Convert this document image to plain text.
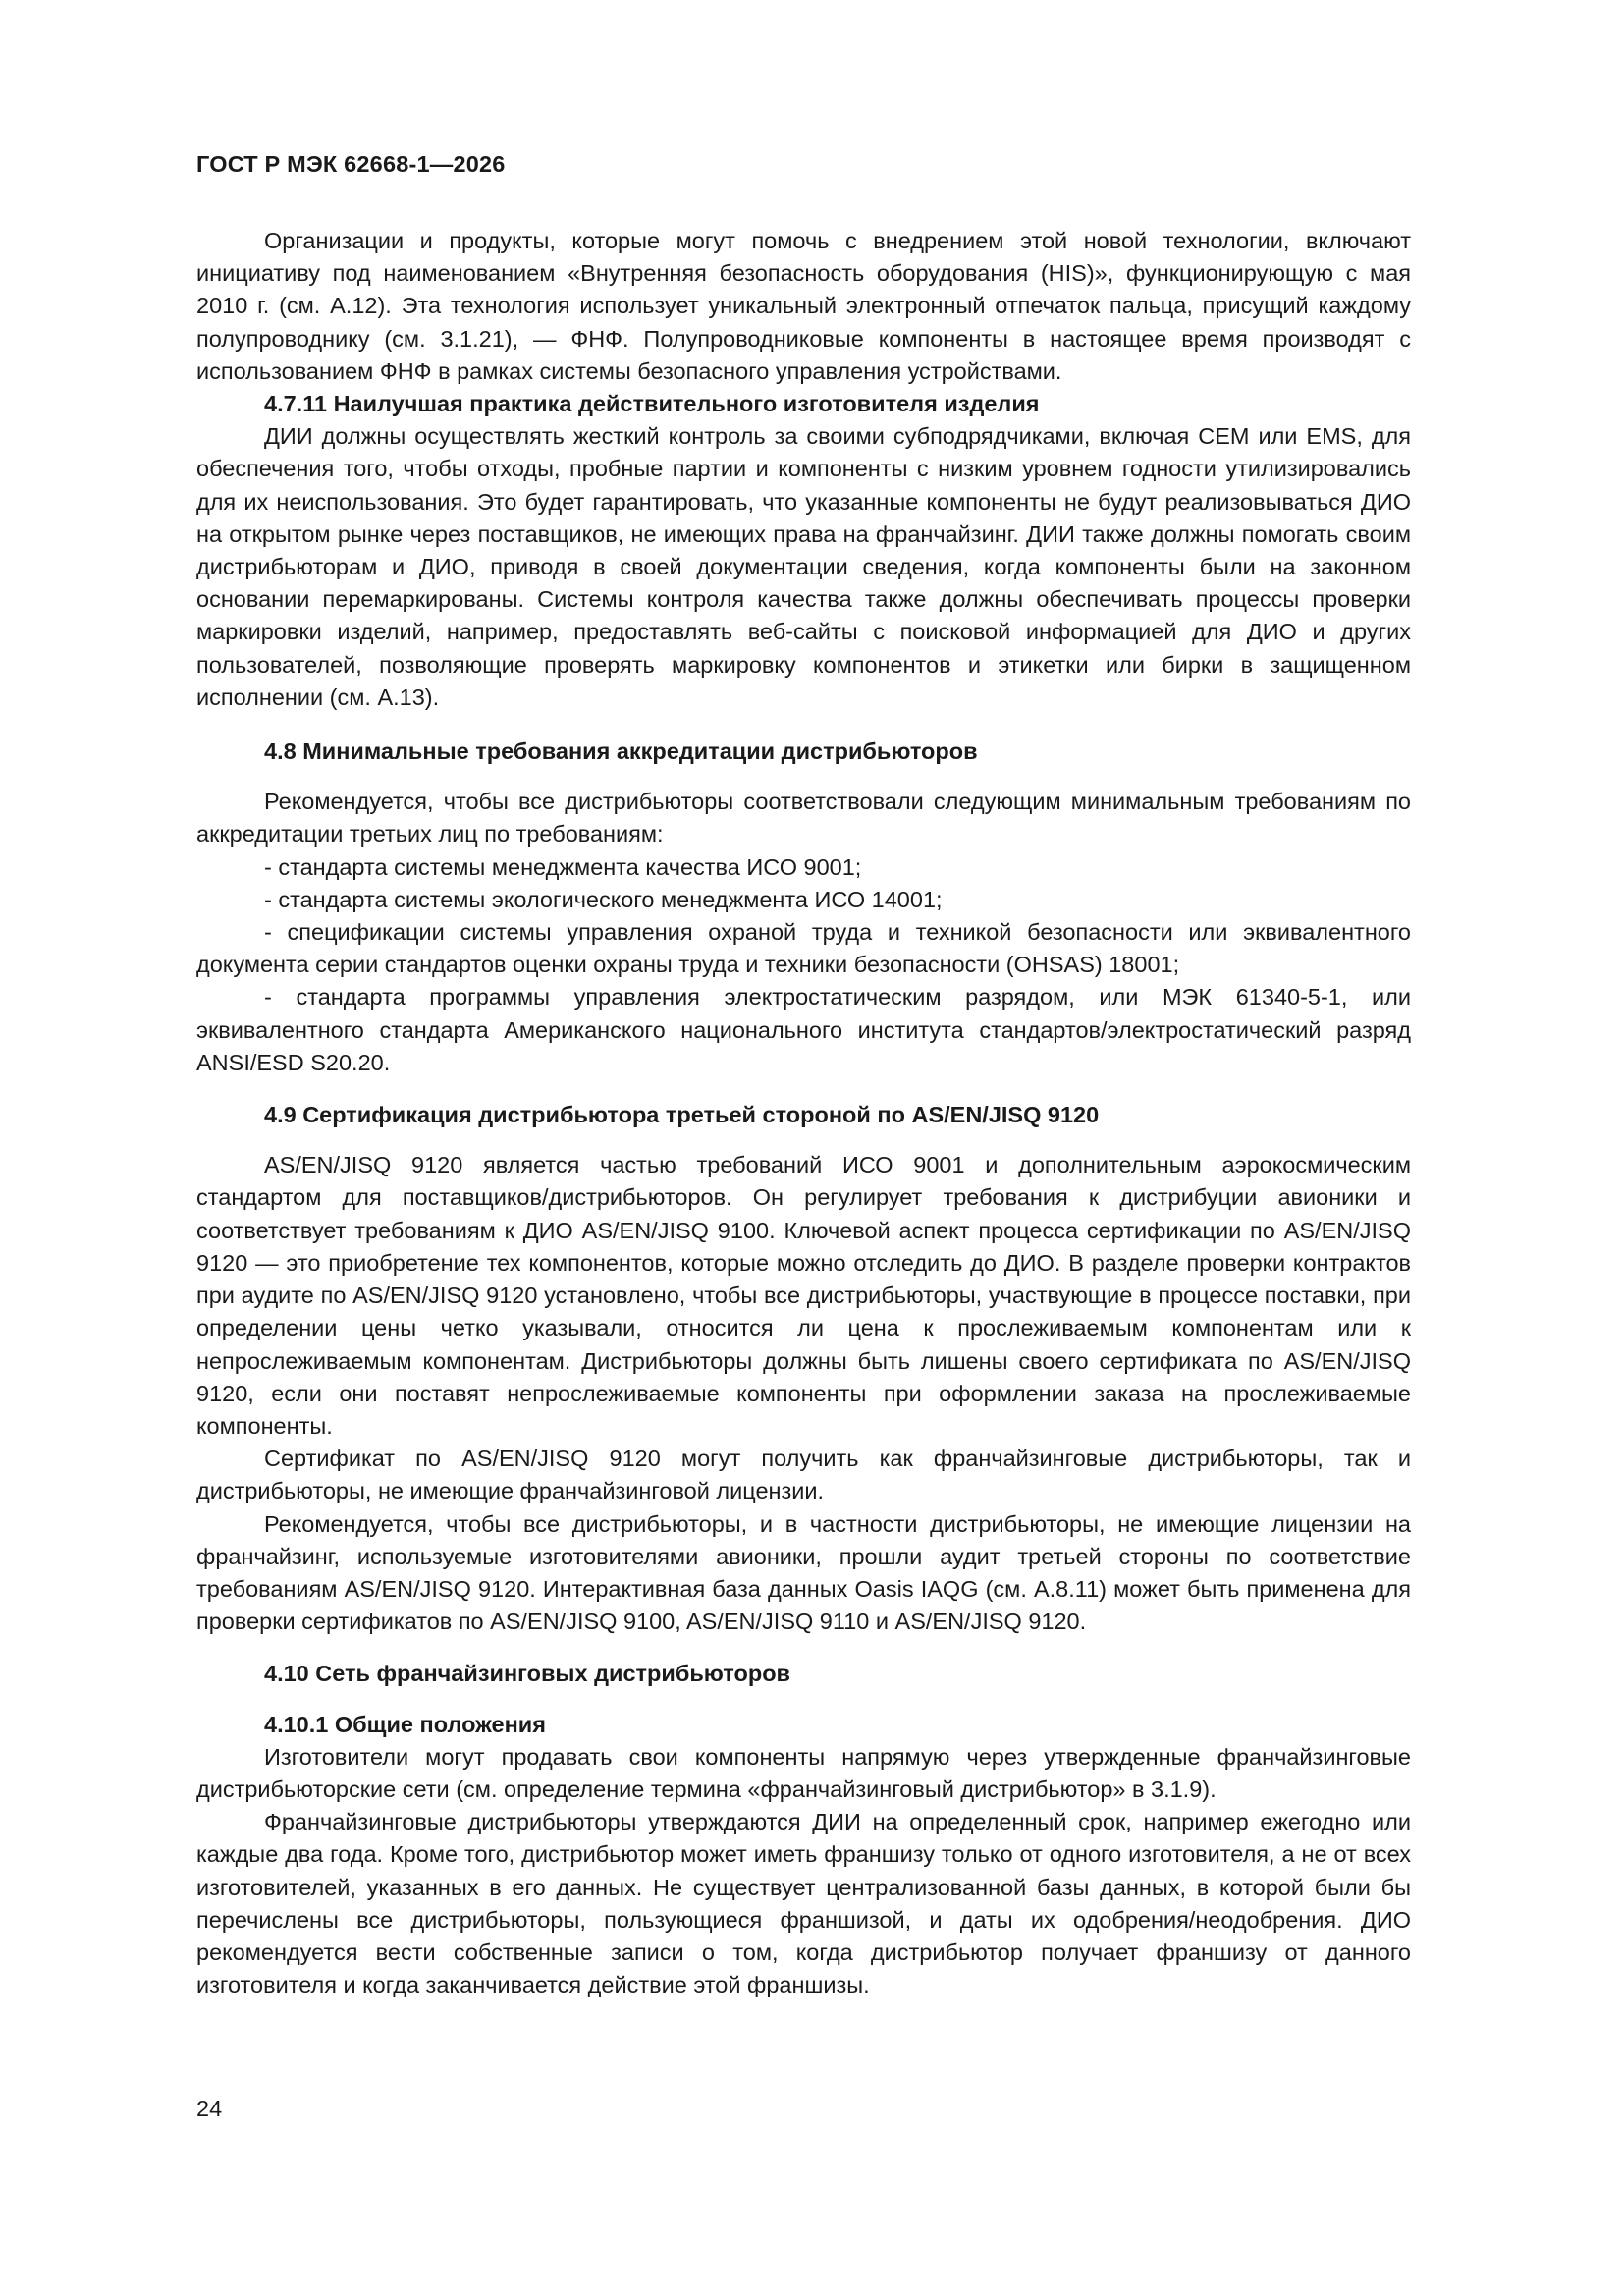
ГОСТ Р МЭК 62668-1—2026

Организации и продукты, которые могут помочь с внедрением этой новой технологии, включают инициативу под наименованием «Внутренняя безопасность оборудования (HIS)», функционирующую с мая 2010 г. (см. А.12). Эта технология использует уникальный электронный отпечаток пальца, присущий каждому полупроводнику (см. 3.1.21), — ФНФ. Полупроводниковые компоненты в настоящее время производят с использованием ФНФ в рамках системы безопасного управления устройствами.

4.7.11 Наилучшая практика действительного изготовителя изделия

ДИИ должны осуществлять жесткий контроль за своими субподрядчиками, включая CEM или EMS, для обеспечения того, чтобы отходы, пробные партии и компоненты с низким уровнем годности утилизировались для их неиспользования. Это будет гарантировать, что указанные компоненты не будут реализовываться ДИО на открытом рынке через поставщиков, не имеющих права на франчайзинг. ДИИ также должны помогать своим дистрибьюторам и ДИО, приводя в своей документации сведения, когда компоненты были на законном основании перемаркированы. Системы контроля качества также должны обеспечивать процессы проверки маркировки изделий, например, предоставлять веб-сайты с поисковой информацией для ДИО и других пользователей, позволяющие проверять маркировку компонентов и этикетки или бирки в защищенном исполнении (см. А.13).

4.8 Минимальные требования аккредитации дистрибьюторов

Рекомендуется, чтобы все дистрибьюторы соответствовали следующим минимальным требованиям по аккредитации третьих лиц по требованиям:

- стандарта системы менеджмента качества ИСО 9001;

- стандарта системы экологического менеджмента ИСО 14001;

- спецификации системы управления охраной труда и техникой безопасности или эквивалентного документа серии стандартов оценки охраны труда и техники безопасности (OHSAS) 18001;

- стандарта программы управления электростатическим разрядом, или МЭК 61340-5-1, или эквивалентного стандарта Американского национального института стандартов/электростатический разряд ANSI/ESD S20.20.

4.9 Сертификация дистрибьютора третьей стороной по AS/EN/JISQ 9120

AS/EN/JISQ 9120 является частью требований ИСО 9001 и дополнительным аэрокосмическим стандартом для поставщиков/дистрибьюторов. Он регулирует требования к дистрибуции авионики и соответствует требованиям к ДИО AS/EN/JISQ 9100. Ключевой аспект процесса сертификации по AS/EN/JISQ 9120 — это приобретение тех компонентов, которые можно отследить до ДИО. В разделе проверки контрактов при аудите по AS/EN/JISQ 9120 установлено, чтобы все дистрибьюторы, участвующие в процессе поставки, при определении цены четко указывали, относится ли цена к прослеживаемым компонентам или к непрослеживаемым компонентам. Дистрибьюторы должны быть лишены своего сертификата по AS/EN/JISQ 9120, если они поставят непрослеживаемые компоненты при оформлении заказа на прослеживаемые компоненты.

Сертификат по AS/EN/JISQ 9120 могут получить как франчайзинговые дистрибьюторы, так и дистрибьюторы, не имеющие франчайзинговой лицензии.

Рекомендуется, чтобы все дистрибьюторы, и в частности дистрибьюторы, не имеющие лицензии на франчайзинг, используемые изготовителями авионики, прошли аудит третьей стороны по соответствие требованиям AS/EN/JISQ 9120. Интерактивная база данных Oasis IAQG (см. А.8.11) может быть применена для проверки сертификатов по AS/EN/JISQ 9100, AS/EN/JISQ 9110 и AS/EN/JISQ 9120.

4.10 Сеть франчайзинговых дистрибьюторов
4.10.1 Общие положения

Изготовители могут продавать свои компоненты напрямую через утвержденные франчайзинговые дистрибьюторские сети (см. определение термина «франчайзинговый дистрибьютор» в 3.1.9).

Франчайзинговые дистрибьюторы утверждаются ДИИ на определенный срок, например ежегодно или каждые два года. Кроме того, дистрибьютор может иметь франшизу только от одного изготовителя, а не от всех изготовителей, указанных в его данных. Не существует централизованной базы данных, в которой были бы перечислены все дистрибьюторы, пользующиеся франшизой, и даты их одобрения/неодобрения. ДИО рекомендуется вести собственные записи о том, когда дистрибьютор получает франшизу от данного изготовителя и когда заканчивается действие этой франшизы.

24
